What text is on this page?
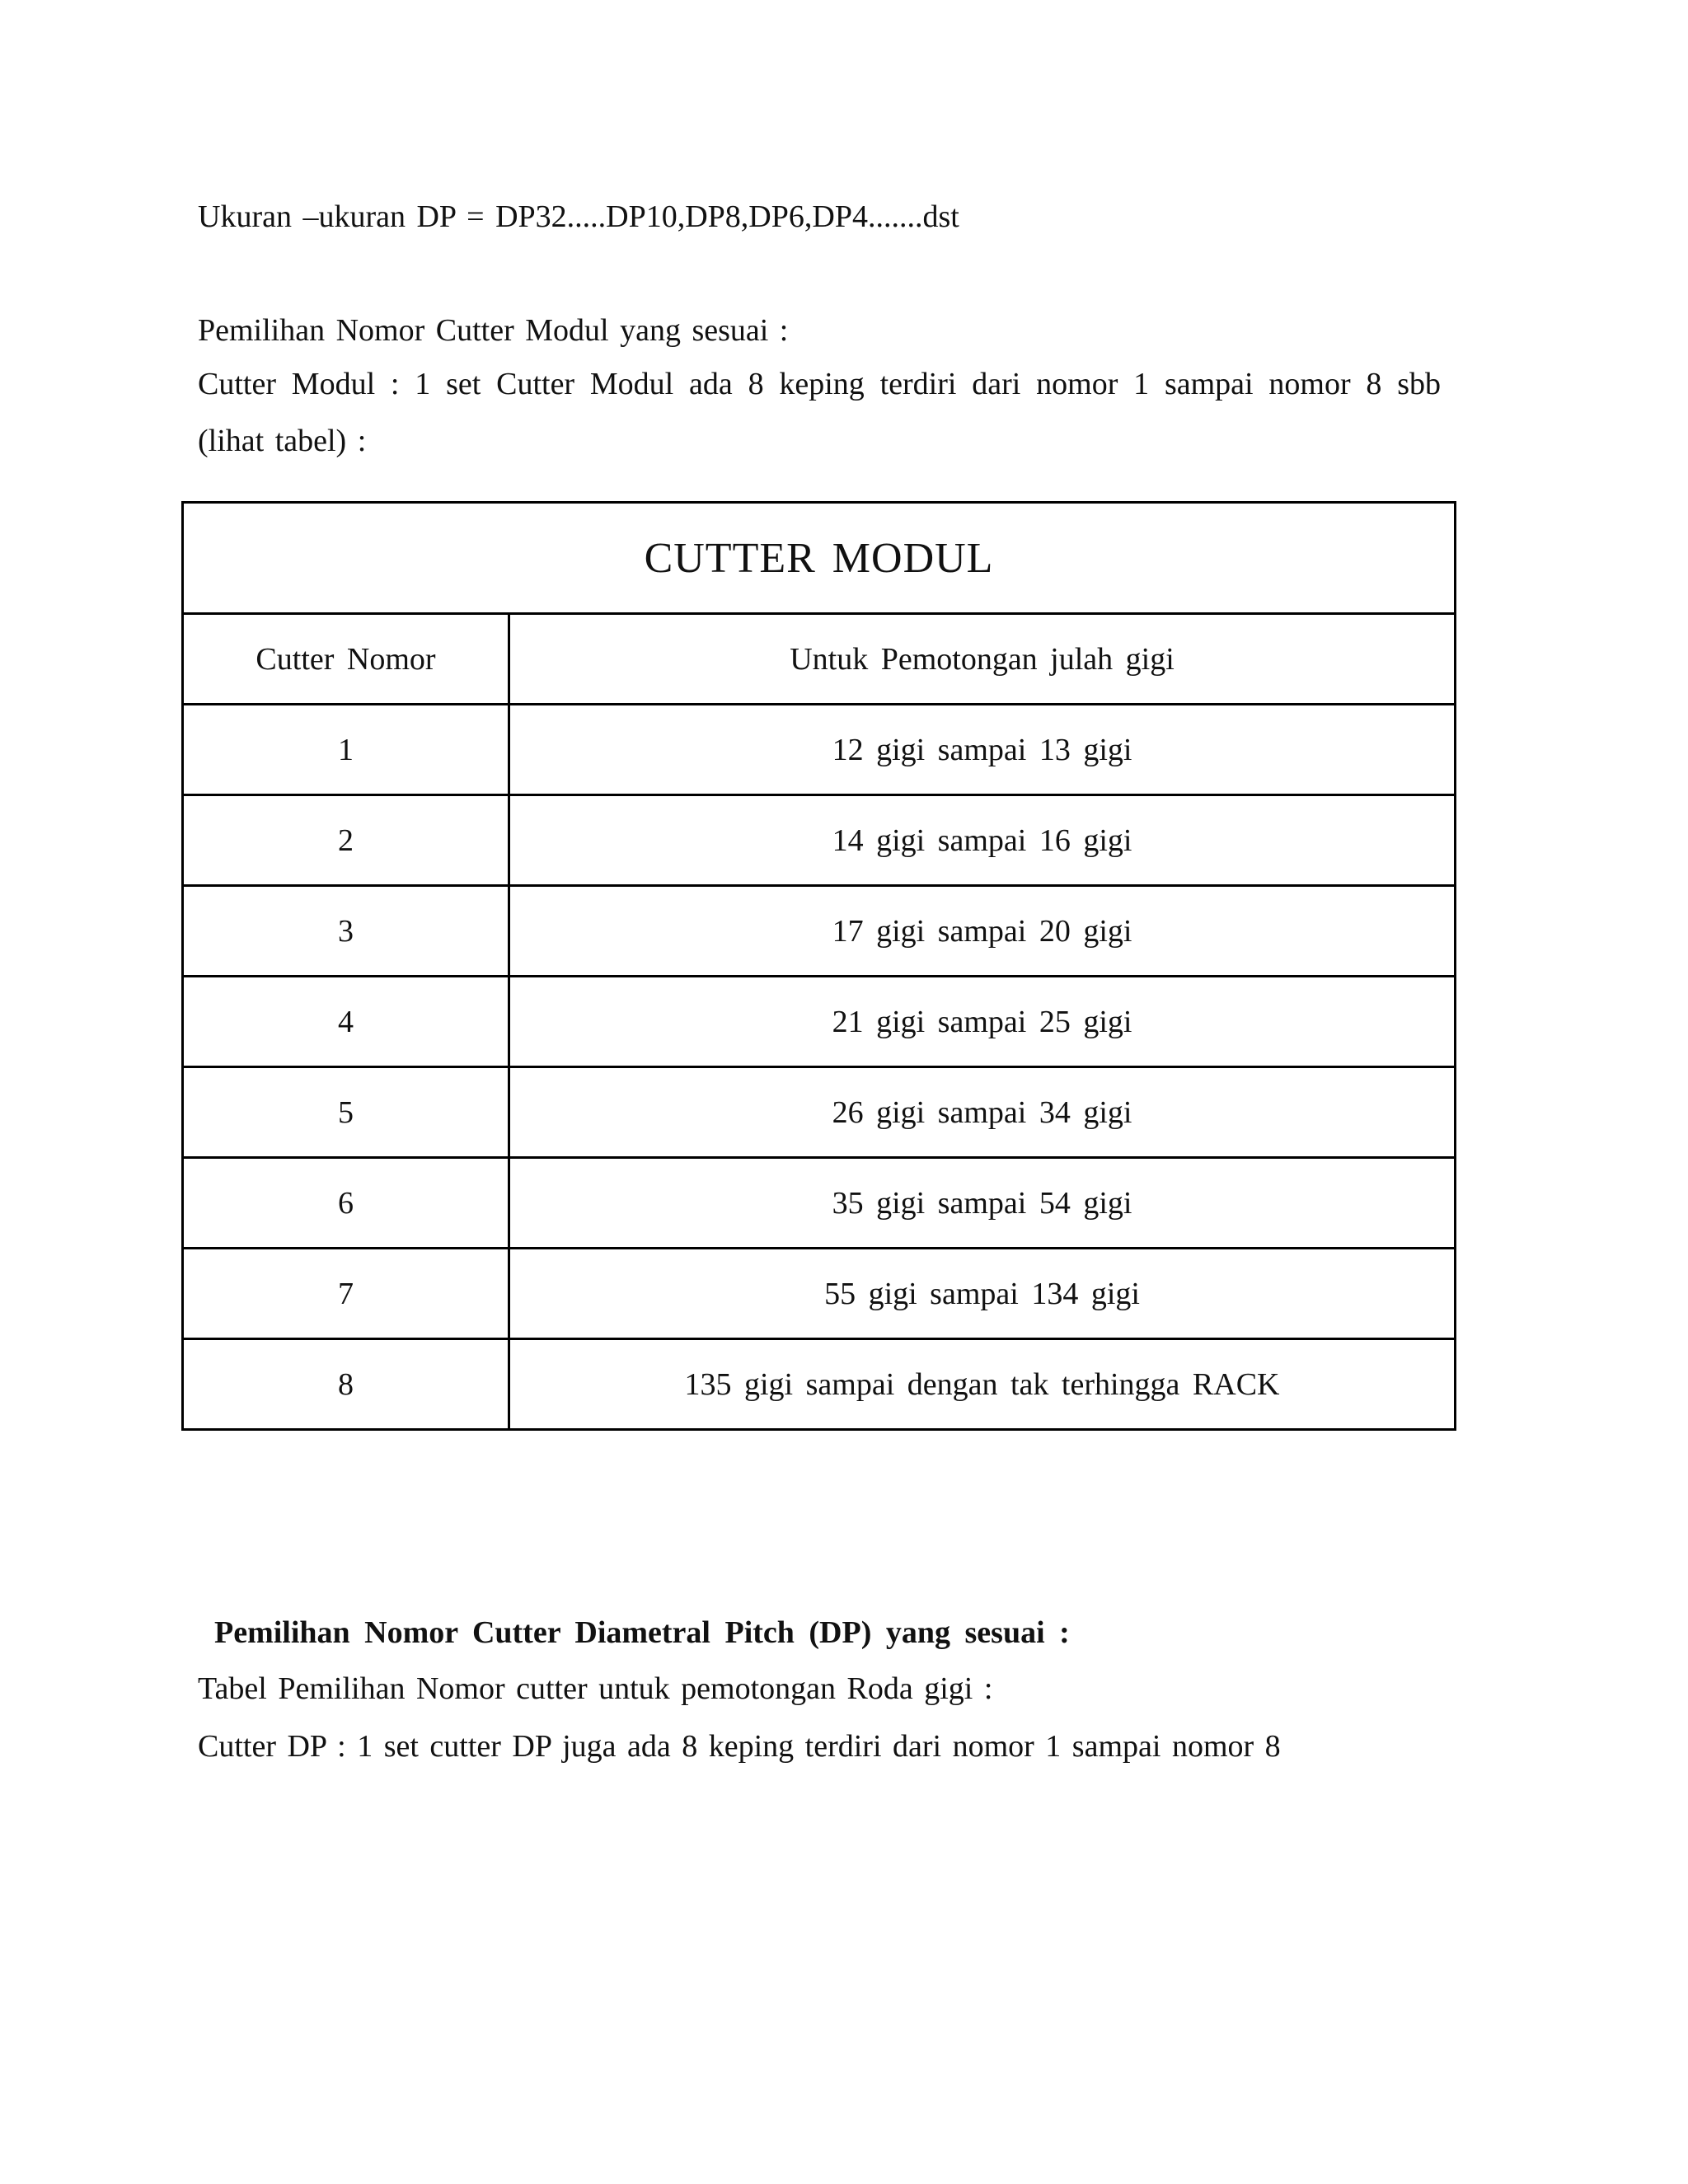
Ukuran –ukuran DP = DP32.....DP10,DP8,DP6,DP4.......dst
Pemilihan Nomor Cutter Modul yang sesuai :
Cutter Modul : 1 set Cutter Modul ada 8 keping terdiri dari nomor 1 sampai nomor 8 sbb (lihat tabel) :
CUTTER MODUL	
Cutter Nomor	Untuk Pemotongan julah gigi
1	12 gigi sampai 13 gigi
2	14 gigi sampai 16 gigi
3	17 gigi sampai 20 gigi
4	21 gigi sampai 25 gigi
5	26 gigi sampai 34 gigi
6	35 gigi sampai 54 gigi
7	55 gigi sampai 134 gigi
8	135 gigi sampai dengan tak terhingga RACK
Pemilihan Nomor Cutter Diametral Pitch (DP) yang sesuai :
Tabel Pemilihan Nomor cutter untuk pemotongan Roda gigi :
Cutter DP : 1 set cutter DP juga ada 8 keping terdiri dari nomor 1 sampai nomor 8
